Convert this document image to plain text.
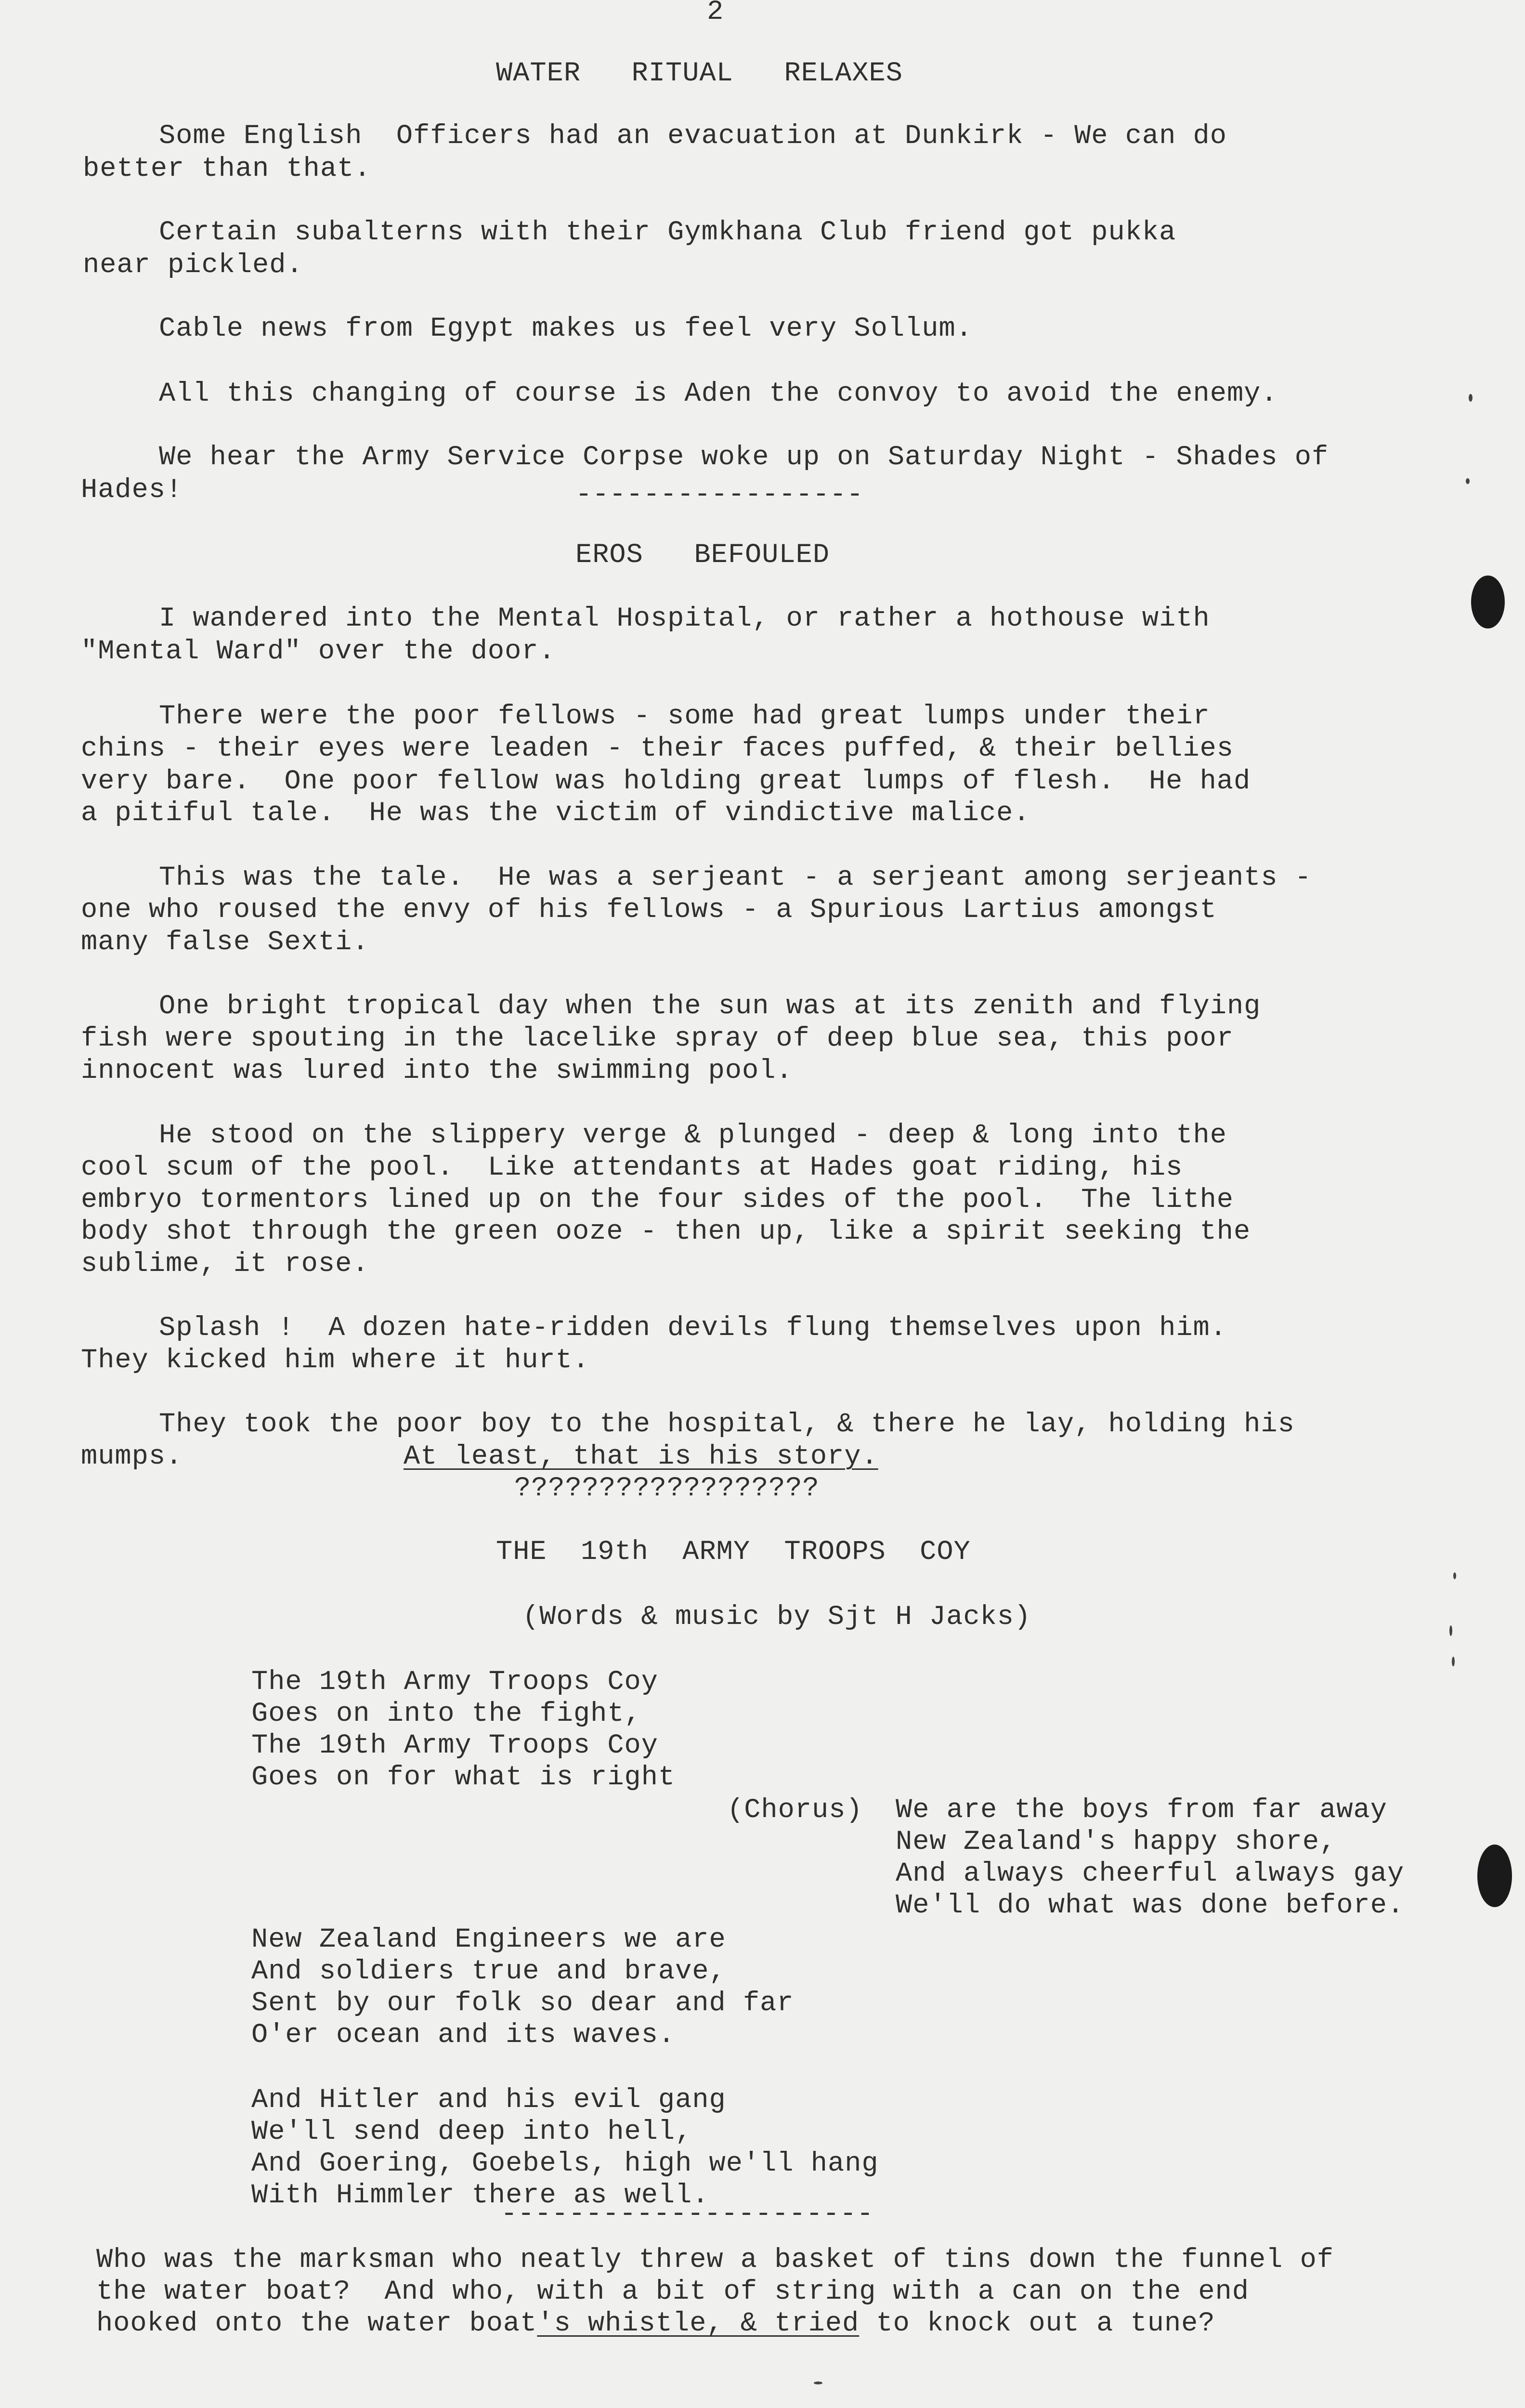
2
WATER   RITUAL   RELAXES
Some English  Officers had an evacuation at Dunkirk - We can do
better than that.
Certain subalterns with their Gymkhana Club friend got pukka
near pickled.
Cable news from Egypt makes us feel very Sollum.
All this changing of course is Aden the convoy to avoid the enemy.
We hear the Army Service Corpse woke up on Saturday Night - Shades of
Hades!	-----------------
EROS   BEFOULED
I wandered into the Mental Hospital, or rather a hothouse with
"Mental Ward" over the door.
There were the poor fellows - some had great lumps under their
chins - their eyes were leaden - their faces puffed, & their bellies
very bare.  One poor fellow was holding great lumps of flesh.  He had
a pitiful tale.  He was the victim of vindictive malice.
This was the tale.  He was a serjeant - a serjeant among serjeants -
one who roused the envy of his fellows - a Spurious Lartius amongst
many false Sexti.
One bright tropical day when the sun was at its zenith and flying
fish were spouting in the lacelike spray of deep blue sea, this poor
innocent was lured into the swimming pool.
He stood on the slippery verge & plunged - deep & long into the
cool scum of the pool.  Like attendants at Hades goat riding, his
embryo tormentors lined up on the four sides of the pool.  The lithe
body shot through the green ooze - then up, like a spirit seeking the
sublime, it rose.
Splash !  A dozen hate-ridden devils flung themselves upon him.
They kicked him where it hurt.
They took the poor boy to the hospital, & there he lay, holding his
mumps.	At least, that is his story.
??????????????????
THE  19th  ARMY  TROOPS  COY
(Words & music by Sjt H Jacks)
The 19th Army Troops Coy
Goes on into the fight,
The 19th Army Troops Coy
Goes on for what is right
(Chorus) We are the boys from far away
New Zealand's happy shore,
And always cheerful always gay
We'll do what was done before.
New Zealand Engineers we are
And soldiers true and brave,
Sent by our folk so dear and far
O'er ocean and its waves.
And Hitler and his evil gang
We'll send deep into hell,
And Goering, Goebels, high we'll hang
With Himmler there as well.
----------------------
Who was the marksman who neatly threw a basket of tins down the funnel of
the water boat?  And who, with a bit of string with a can on the end
hooked onto the water boat's whistle, & tried to knock out a tune?
